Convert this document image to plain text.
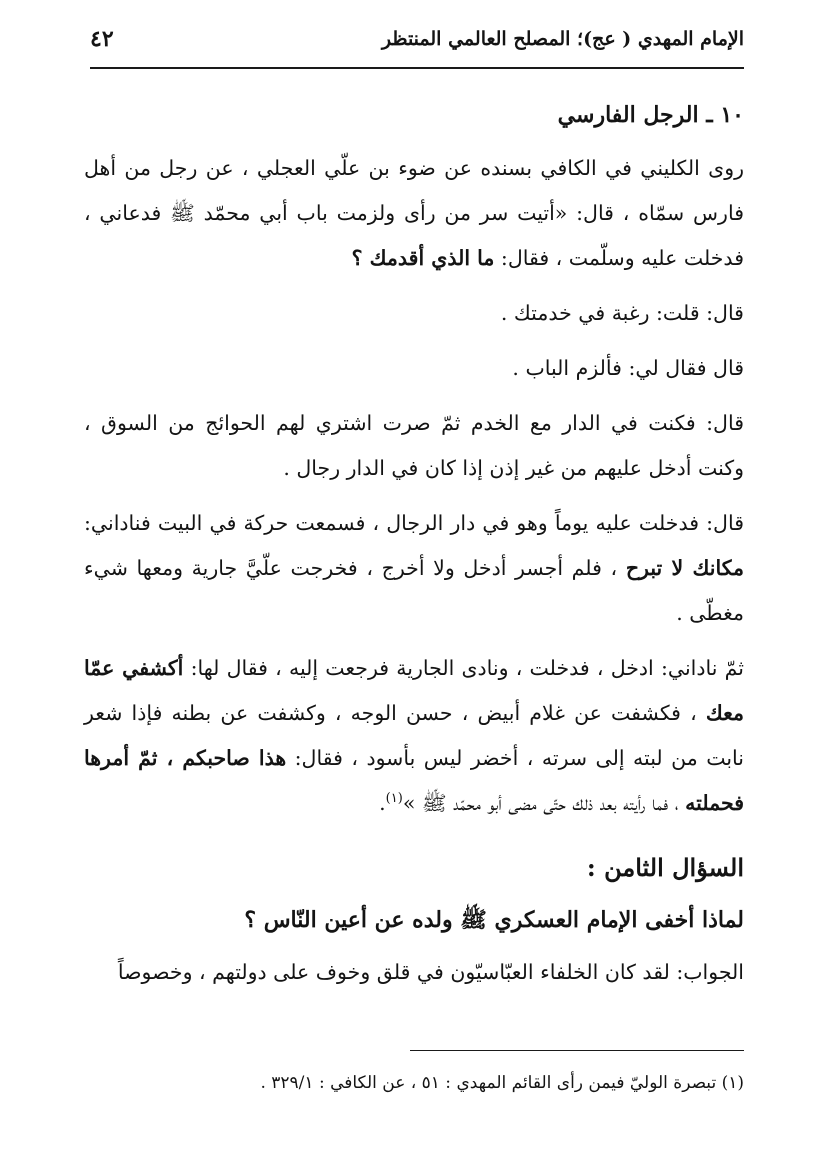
الإمام المهدي ( عج)؛ المصلح العالمي المنتظر
٤٢
١٠ ـ الرجل الفارسي

روى الكليني في الكافي بسنده عن ضوء بن علّي العجلي ، عن رجل من أهل فارس سمّاه ، قال: «أتيت سر من رأى ولزمت باب أبي محمّد ﷺ فدعاني ، فدخلت عليه وسلّمت ، فقال: ما الذي أقدمك ؟

قال: قلت: رغبة في خدمتك .

قال فقال لي: فألزم الباب .

قال: فكنت في الدار مع الخدم ثمّ صرت اشتري لهم الحوائج من السوق ، وكنت أدخل عليهم من غير إذن إذا كان في الدار رجال .

قال: فدخلت عليه يوماً وهو في دار الرجال ، فسمعت حركة في البيت فناداني: مكانك لا تبرح ، فلم أجسر أدخل ولا أخرج ، فخرجت علّيَّ جارية ومعها شيء مغطّى .

ثمّ ناداني: ادخل ، فدخلت ، ونادى الجارية فرجعت إليه ، فقال لها: أكشفي عمّا معك ، فكشفت عن غلام أبيض ، حسن الوجه ، وكشفت عن بطنه فإذا شعر نابت من لبته إلى سرته ، أخضر ليس بأسود ، فقال: هذا صاحبكم ، ثمّ أمرها فحملته ، فما رأيته بعد ذلك حتّى مضى أبو محمّد ﷺ »$^{(١)}$.

السؤال الثامن :
لماذا أخفى الإمام العسكري ﷺ ولده عن أعين النّاس ؟

الجواب: لقد كان الخلفاء العبّاسيّون في قلق وخوف على دولتهم ، وخصوصاً

(١) تبصرة الوليّ فيمن رأى القائم المهدي : ٥١ ، عن الكافي : ٣٢٩/١ .
